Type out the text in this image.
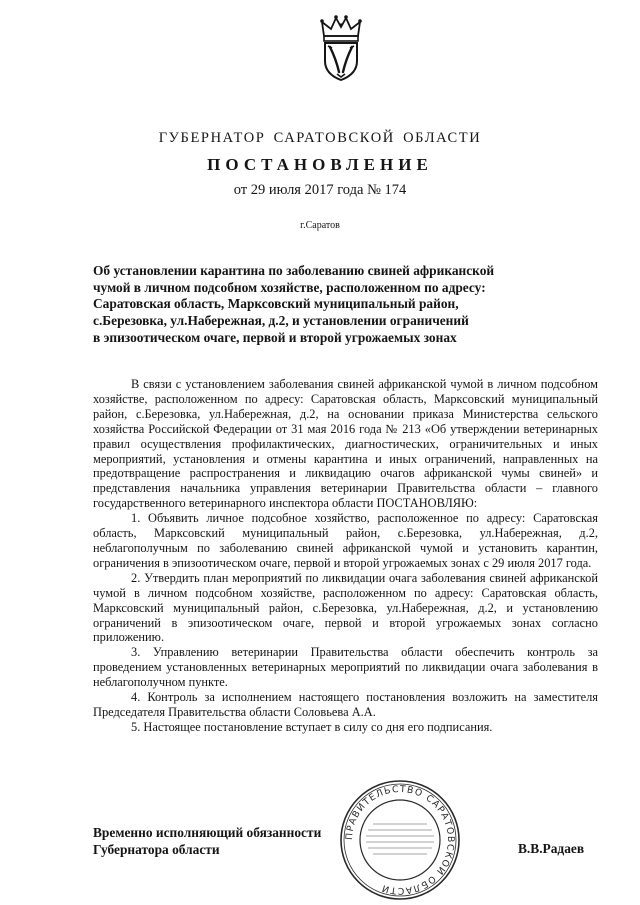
ГУБЕРНАТОР САРАТОВСКОЙ ОБЛАСТИ
ПОСТАНОВЛЕНИЕ
от 29 июля 2017 года № 174
г.Саратов
Об установлении карантина по заболеванию свиней африканской
чумой в личном подсобном хозяйстве, расположенном по адресу:
Саратовская область, Марксовский муниципальный район,
с.Березовка, ул.Набережная, д.2, и установлении ограничений
в эпизоотическом очаге, первой и второй угрожаемых зонах

В связи с установлением заболевания свиней африканской чумой в личном подсобном хозяйстве, расположенном по адресу: Саратовская область, Марксовский муниципальный район, с.Березовка, ул.Набережная, д.2, на основании приказа Министерства сельского хозяйства Российской Федерации от 31 мая 2016 года № 213 «Об утверждении ветеринарных правил осуществления профилактических, диагностических, ограничительных и иных мероприятий, установления и отмены карантина и иных ограничений, направленных на предотвращение распространения и ликвидацию очагов африканской чумы свиней» и представления начальника управления ветеринарии Правительства области – главного государственного ветеринарного инспектора области ПОСТАНОВЛЯЮ:

1. Объявить личное подсобное хозяйство, расположенное по адресу: Саратовская область, Марксовский муниципальный район, с.Березовка, ул.Набережная, д.2, неблагополучным по заболеванию свиней африканской чумой и установить карантин, ограничения в эпизоотическом очаге, первой и второй угрожаемых зонах с 29 июля 2017 года.

2. Утвердить план мероприятий по ликвидации очага заболевания свиней африканской чумой в личном подсобном хозяйстве, расположенном по адресу: Саратовская область, Марксовский муниципальный район, с.Березовка, ул.Набережная, д.2, и установлению ограничений в эпизоотическом очаге, первой и второй угрожаемых зонах согласно приложению.

3. Управлению ветеринарии Правительства области обеспечить контроль за проведением установленных ветеринарных мероприятий по ликвидации очага заболевания в неблагополучном пункте.

4. Контроль за исполнением настоящего постановления возложить на заместителя Председателя Правительства области Соловьева А.А.

5. Настоящее постановление вступает в силу со дня его подписания.

ПРАВИТЕЛЬСТВО САРАТОВСКОЙ ОБЛАСТИ
Временно исполняющий обязанности
Губернатора области	В.В.Радаев
